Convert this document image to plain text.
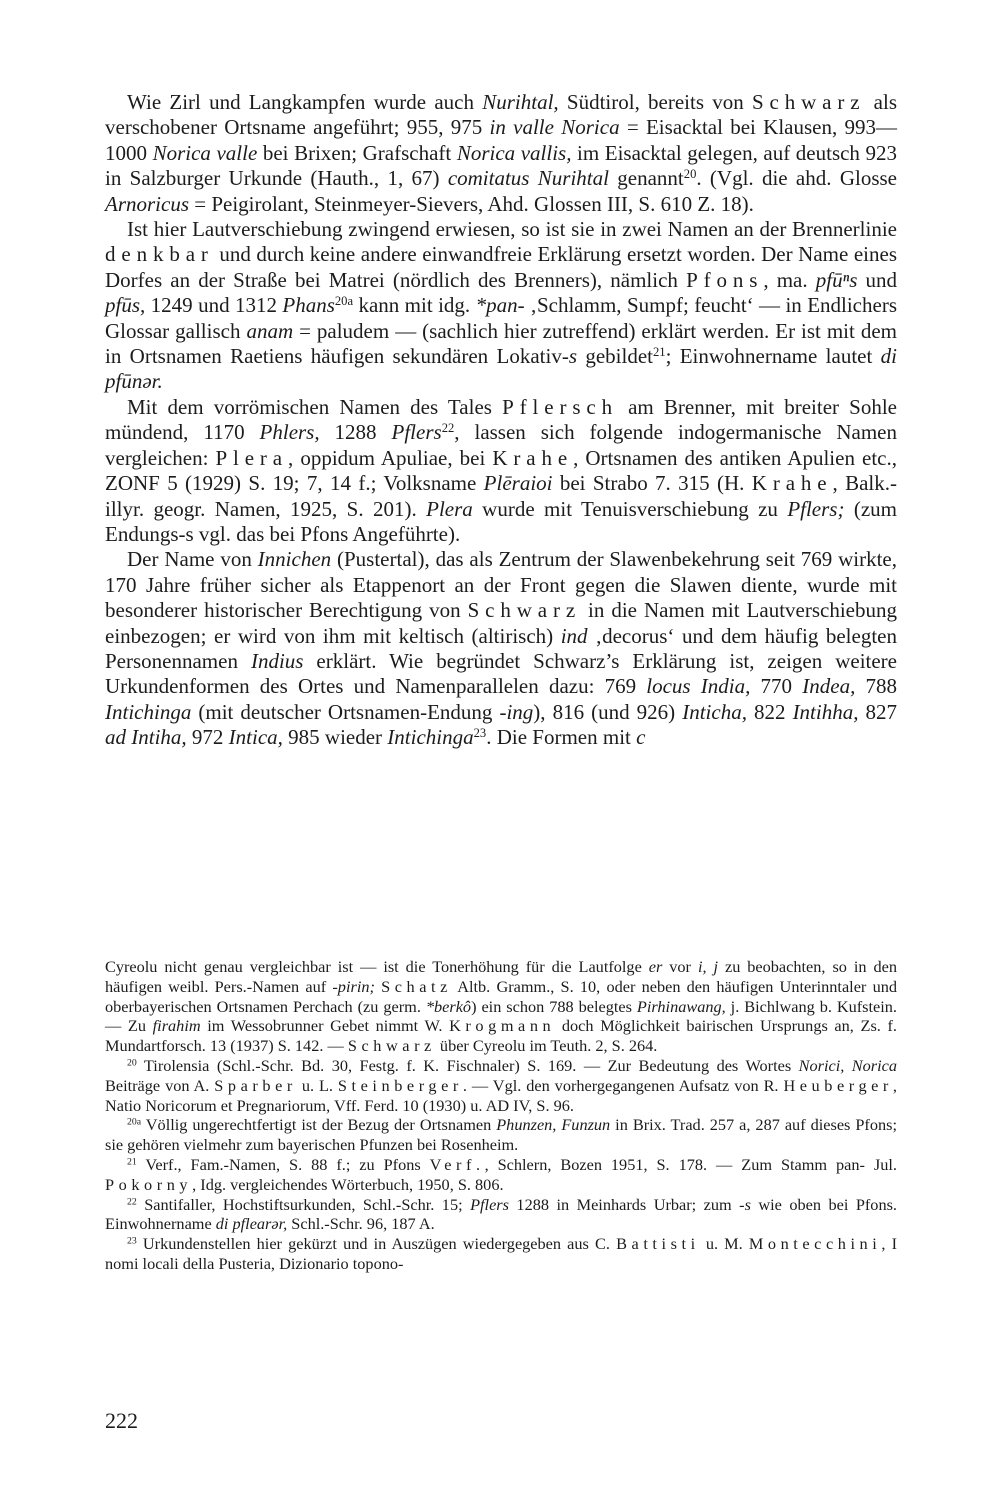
Wie Zirl und Langkampfen wurde auch Nurihtal, Südtirol, bereits von Schwarz als verschobener Ortsname angeführt; 955, 975 in valle Norica = Eisacktal bei Klausen, 993—1000 Norica valle bei Brixen; Grafschaft Norica vallis, im Eisacktal gelegen, auf deutsch 923 in Salzburger Urkunde (Hauth., 1, 67) comitatus Nurihtal genannt$^{20}$. (Vgl. die ahd. Glosse Arnoricus = Peigirolant, Steinmeyer-Sievers, Ahd. Glossen III, S. 610 Z. 18).

Ist hier Lautverschiebung zwingend erwiesen, so ist sie in zwei Namen an der Brennerlinie denkbar und durch keine andere einwandfreie Erklärung ersetzt worden. Der Name eines Dorfes an der Straße bei Matrei (nördlich des Brenners), nämlich Pfons, ma. pfūⁿs und pfūs, 1249 und 1312 Phans$^{20a}$ kann mit idg. *pan- ‚Schlamm, Sumpf; feucht‘ — in Endlichers Glossar gallisch anam = paludem — (sachlich hier zutreffend) erklärt werden. Er ist mit dem in Ortsnamen Raetiens häufigen sekundären Lokativ-s gebildet$^{21}$; Einwohnername lautet di pfūnər.

Mit dem vorrömischen Namen des Tales Pflersch am Brenner, mit breiter Sohle mündend, 1170 Phlers, 1288 Pflers$^{22}$, lassen sich folgende indogermanische Namen vergleichen: Plera, oppidum Apuliae, bei Krahe, Ortsnamen des antiken Apulien etc., ZONF 5 (1929) S. 19; 7, 14 f.; Volksname Plēraioi bei Strabo 7. 315 (H. Krahe, Balk.-illyr. geogr. Namen, 1925, S. 201). Plera wurde mit Tenuisverschiebung zu Pflers; (zum Endungs-s vgl. das bei Pfons Angeführte).

Der Name von Innichen (Pustertal), das als Zentrum der Slawenbekehrung seit 769 wirkte, 170 Jahre früher sicher als Etappenort an der Front gegen die Slawen diente, wurde mit besonderer historischer Berechtigung von Schwarz in die Namen mit Lautverschiebung einbezogen; er wird von ihm mit keltisch (altirisch) ind ‚decorus‘ und dem häufig belegten Personennamen Indius erklärt. Wie begründet Schwarz’s Erklärung ist, zeigen weitere Urkundenformen des Ortes und Namenparallelen dazu: 769 locus India, 770 Indea, 788 Intichinga (mit deutscher Ortsnamen-Endung -ing), 816 (und 926) Inticha, 822 Intihha, 827 ad Intiha, 972 Intica, 985 wieder Intichinga$^{23}$. Die Formen mit c

Cyreolu nicht genau vergleichbar ist — ist die Tonerhöhung für die Lautfolge er vor i, j zu beobachten, so in den häufigen weibl. Pers.-Namen auf -pirin; Schatz Altb. Gramm., S. 10, oder neben den häufigen Unterinntaler und oberbayerischen Ortsnamen Perchach (zu germ. *berkô) ein schon 788 belegtes Pirhinawang, j. Bichlwang b. Kufstein. — Zu firahim im Wessobrunner Gebet nimmt W. Krogmann doch Möglichkeit bairischen Ursprungs an, Zs. f. Mundartforsch. 13 (1937) S. 142. — Schwarz über Cyreolu im Teuth. 2, S. 264.

$^{20}$ Tirolensia (Schl.-Schr. Bd. 30, Festg. f. K. Fischnaler) S. 169. — Zur Bedeutung des Wortes Norici, Norica Beiträge von A. Sparber u. L. Steinberger. — Vgl. den vorhergegangenen Aufsatz von R. Heuberger, Natio Noricorum et Pregnariorum, Vff. Ferd. 10 (1930) u. AD IV, S. 96.

$^{20a}$ Völlig ungerechtfertigt ist der Bezug der Ortsnamen Phunzen, Funzun in Brix. Trad. 257 a, 287 auf dieses Pfons; sie gehören vielmehr zum bayerischen Pfunzen bei Rosenheim.

$^{21}$ Verf., Fam.-Namen, S. 88 f.; zu Pfons Verf., Schlern, Bozen 1951, S. 178. — Zum Stamm pan- Jul. Pokorny, Idg. vergleichendes Wörterbuch, 1950, S. 806.

$^{22}$ Santifaller, Hochstiftsurkunden, Schl.-Schr. 15; Pflers 1288 in Meinhards Urbar; zum -s wie oben bei Pfons. Einwohnername di pflearər, Schl.-Schr. 96, 187 A.

$^{23}$ Urkundenstellen hier gekürzt und in Auszügen wiedergegeben aus C. Battisti u. M. Montecchini, I nomi locali della Pusteria, Dizionario topono-

222
